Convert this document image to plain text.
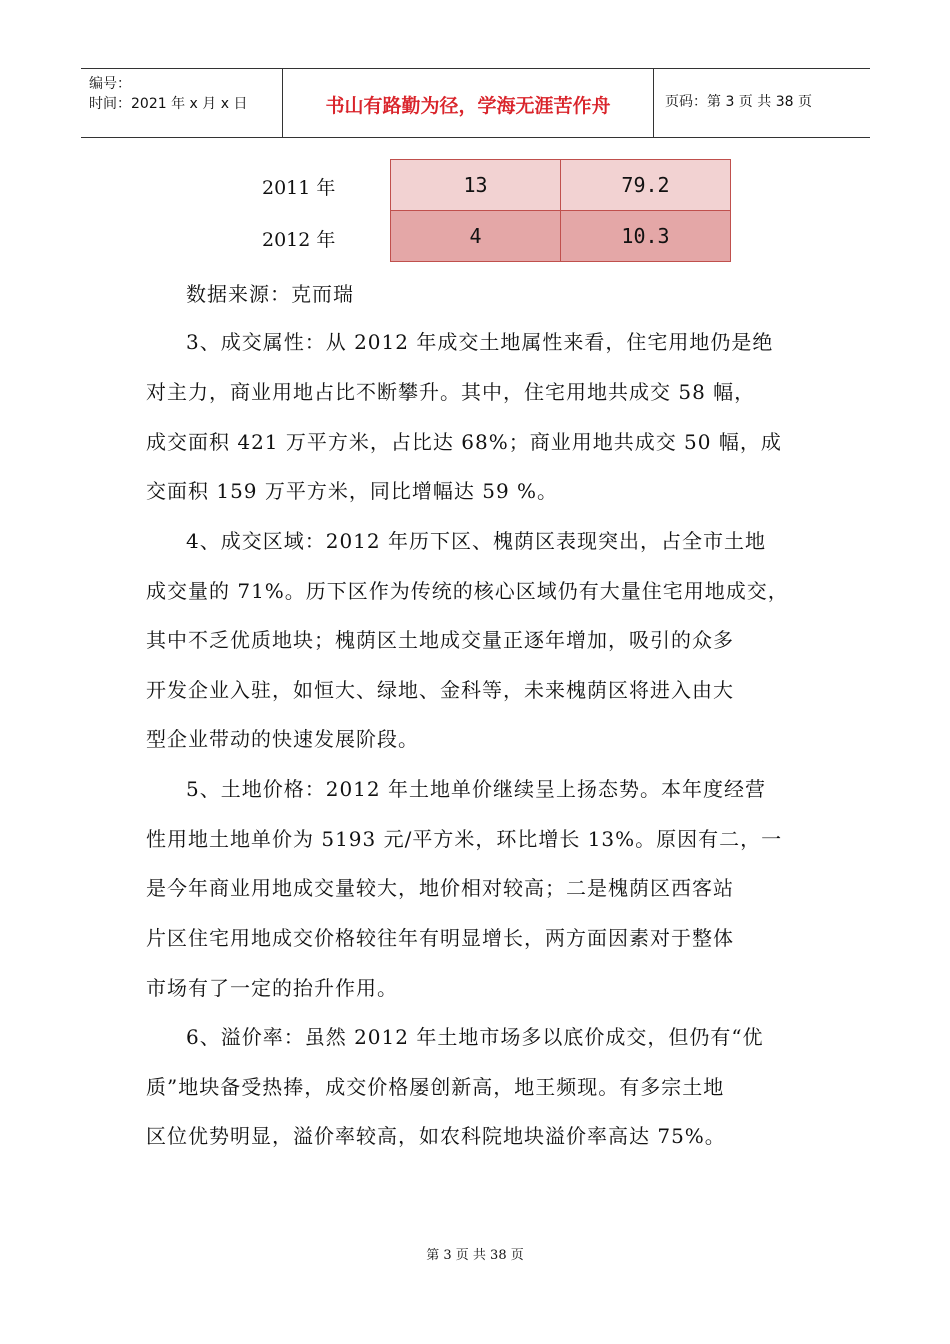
编号：
时间：2021 年 x 月 x 日	书山有路勤为径，学海无涯苦作舟	页码：第 3 页 共 38 页
2011 年	13	79.2
2012 年	4	10.3
数据来源：克而瑞
3、成交属性：从 2012 年成交土地属性来看，住宅用地仍是绝
对主力，商业用地占比不断攀升。其中，住宅用地共成交 58 幅，
成交面积 421 万平方米，占比达 68%；商业用地共成交 50 幅，成
交面积 159 万平方米，同比增幅达 59 %。
4、成交区域：2012 年历下区、槐荫区表现突出，占全市土地
成交量的 71%。历下区作为传统的核心区域仍有大量住宅用地成交，
其中不乏优质地块；槐荫区土地成交量正逐年增加，吸引的众多
开发企业入驻，如恒大、绿地、金科等，未来槐荫区将进入由大
型企业带动的快速发展阶段。
5、土地价格：2012 年土地单价继续呈上扬态势。本年度经营
性用地土地单价为 5193 元/平方米，环比增长 13%。原因有二，一
是今年商业用地成交量较大，地价相对较高；二是槐荫区西客站
片区住宅用地成交价格较往年有明显增长，两方面因素对于整体
市场有了一定的抬升作用。
6、溢价率：虽然 2012 年土地市场多以底价成交，但仍有“优
质”地块备受热捧，成交价格屡创新高，地王频现。有多宗土地
区位优势明显，溢价率较高，如农科院地块溢价率高达 75%。
第 3 页 共 38 页
